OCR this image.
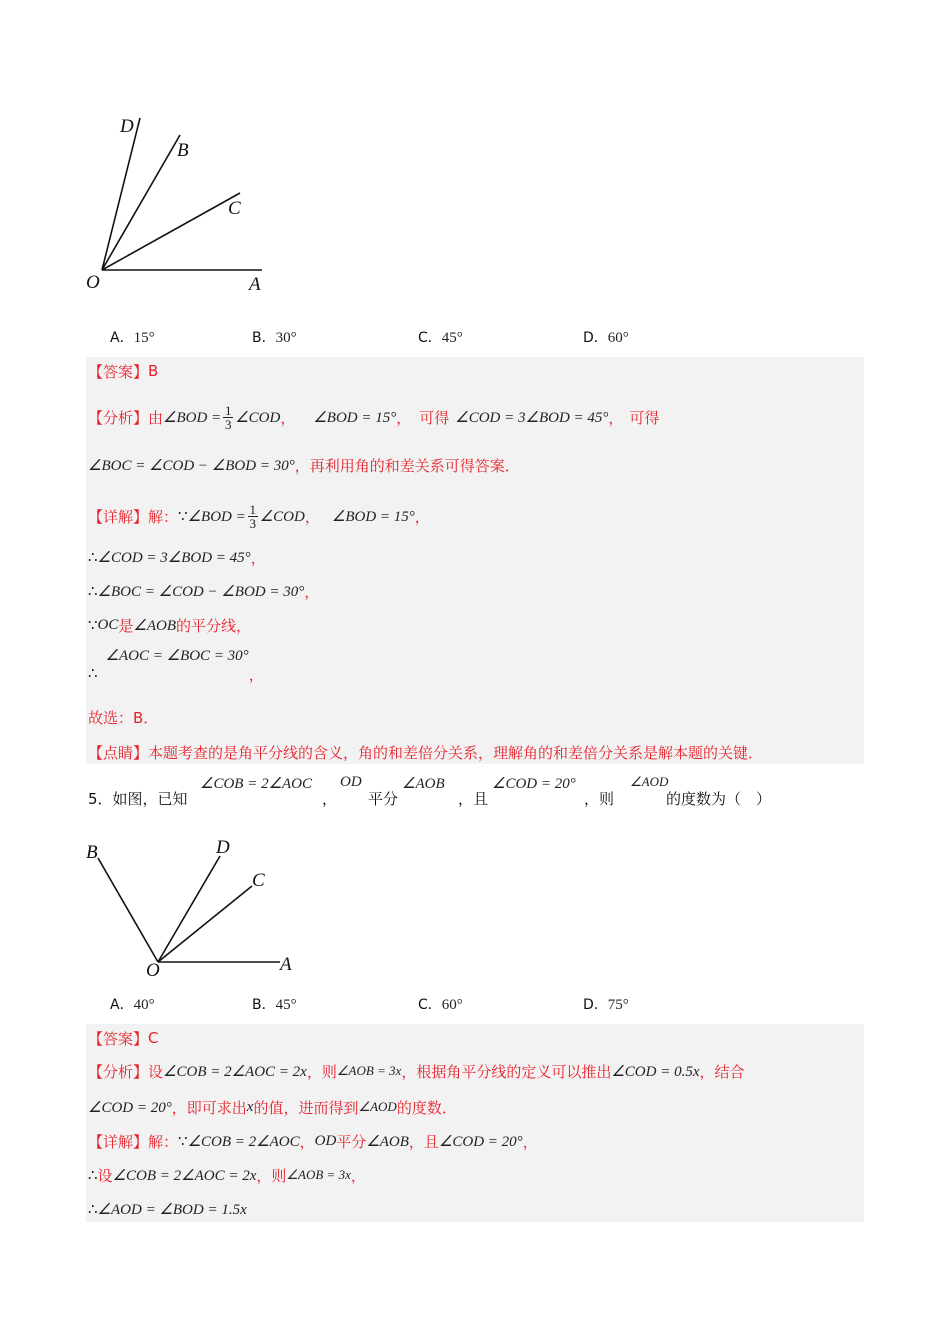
D
B
C
O	A
A．15°	B．30°	C．45°	D．60°
【答案】 B
【分析】 由 ∠BOD = $\frac{1}{3}$ ∠COD ， ∠BOD = 15° ， 可得 ∠COD = 3∠BOD = 45° ， 可得
∠BOC = ∠COD − ∠BOD = 30° ，再利用角的和差关系可得答案．
【详解】 解： ∵ ∠BOD = $\frac{1}{3}$ ∠COD ， ∠BOD = 15° ，
∴ ∠COD = 3∠BOD = 45° ，
∴ ∠BOC = ∠COD − ∠BOD = 30° ，
∵ OC 是 ∠AOB 的平分线，
∴
∠AOC = ∠BOC = 30°
，
故选：B．
【点睛】 本题考查的是角平分线的含义，角的和差倍分关系，理解角的和差倍分关系是解本题的关键．
5．如图，已知
∠COB = 2∠AOC
，
OD
平分
∠AOB
，且
∠COD = 20°
，则
∠AOD
的度数为（　）
B	D
C
O	A
A．40°	B．45°	C．60°	D．75°
【答案】 C
【分析】 设 ∠COB = 2∠AOC = 2x ，则 ∠AOB = 3x ，根据角平分线的定义可以推出 ∠COD = 0.5x ，结合
∠COD = 20° ，即可求出 x 的值，进而得到 ∠AOD 的度数．
【详解】 解： ∵ ∠COB = 2∠AOC ， OD 平分 ∠AOB ，且 ∠COD = 20° ，
∴ 设 ∠COB = 2∠AOC = 2x ，则 ∠AOB = 3x ，
∴ ∠AOD = ∠BOD = 1.5x
